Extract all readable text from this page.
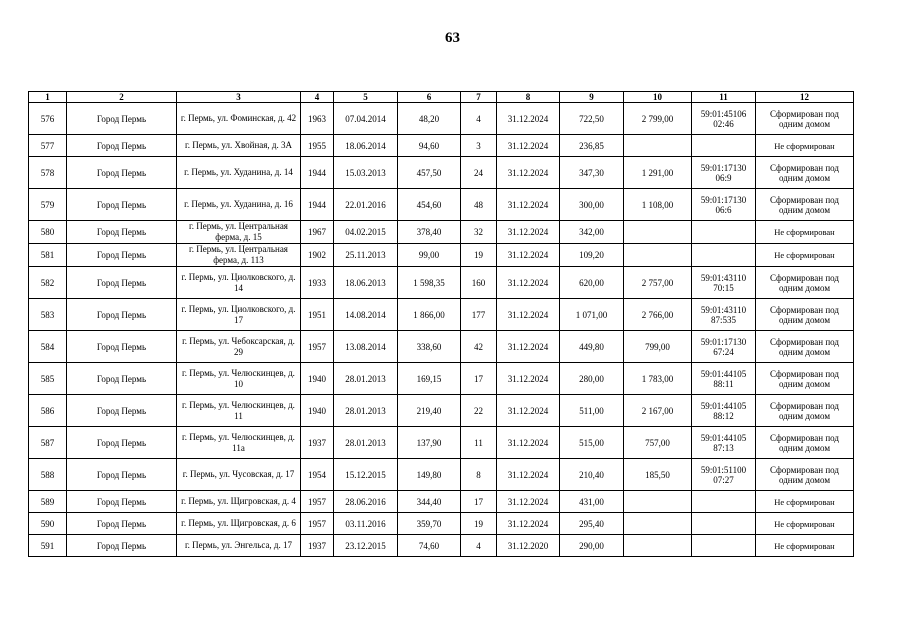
63
1	2	3	4	5	6	7	8	9	10	11	12
576	Город Пермь	г. Пермь, ул. Фоминская, д. 42	1963	07.04.2014	48,20	4	31.12.2024	722,50	2 799,00	59:01:45106 02:46	Сформирован под одним домом
577	Город Пермь	г. Пермь, ул. Хвойная, д. 3А	1955	18.06.2014	94,60	3	31.12.2024	236,85			Не сформирован
578	Город Пермь	г. Пермь, ул. Худанина, д. 14	1944	15.03.2013	457,50	24	31.12.2024	347,30	1 291,00	59:01:17130 06:9	Сформирован под одним домом
579	Город Пермь	г. Пермь, ул. Худанина, д. 16	1944	22.01.2016	454,60	48	31.12.2024	300,00	1 108,00	59:01:17130 06:6	Сформирован под одним домом
580	Город Пермь	г. Пермь, ул. Центральная ферма, д. 15	1967	04.02.2015	378,40	32	31.12.2024	342,00			Не сформирован
581	Город Пермь	г. Пермь, ул. Центральная ферма, д. 113	1902	25.11.2013	99,00	19	31.12.2024	109,20			Не сформирован
582	Город Пермь	г. Пермь, ул. Циолковского, д. 14	1933	18.06.2013	1 598,35	160	31.12.2024	620,00	2 757,00	59:01:43110 70:15	Сформирован под одним домом
583	Город Пермь	г. Пермь, ул. Циолковского, д. 17	1951	14.08.2014	1 866,00	177	31.12.2024	1 071,00	2 766,00	59:01:43110 87:535	Сформирован под одним домом
584	Город Пермь	г. Пермь, ул. Чебоксарская, д. 29	1957	13.08.2014	338,60	42	31.12.2024	449,80	799,00	59:01:17130 67:24	Сформирован под одним домом
585	Город Пермь	г. Пермь, ул. Челюскинцев, д. 10	1940	28.01.2013	169,15	17	31.12.2024	280,00	1 783,00	59:01:44105 88:11	Сформирован под одним домом
586	Город Пермь	г. Пермь, ул. Челюскинцев, д. 11	1940	28.01.2013	219,40	22	31.12.2024	511,00	2 167,00	59:01:44105 88:12	Сформирован под одним домом
587	Город Пермь	г. Пермь, ул. Челюскинцев, д. 11а	1937	28.01.2013	137,90	11	31.12.2024	515,00	757,00	59:01:44105 87:13	Сформирован под одним домом
588	Город Пермь	г. Пермь, ул. Чусовская, д. 17	1954	15.12.2015	149,80	8	31.12.2024	210,40	185,50	59:01:51100 07:27	Сформирован под одним домом
589	Город Пермь	г. Пермь, ул. Щигровская, д. 4	1957	28.06.2016	344,40	17	31.12.2024	431,00			Не сформирован
590	Город Пермь	г. Пермь, ул. Щигровская, д. 6	1957	03.11.2016	359,70	19	31.12.2024	295,40			Не сформирован
591	Город Пермь	г. Пермь, ул. Энгельса, д. 17	1937	23.12.2015	74,60	4	31.12.2020	290,00			Не сформирован
